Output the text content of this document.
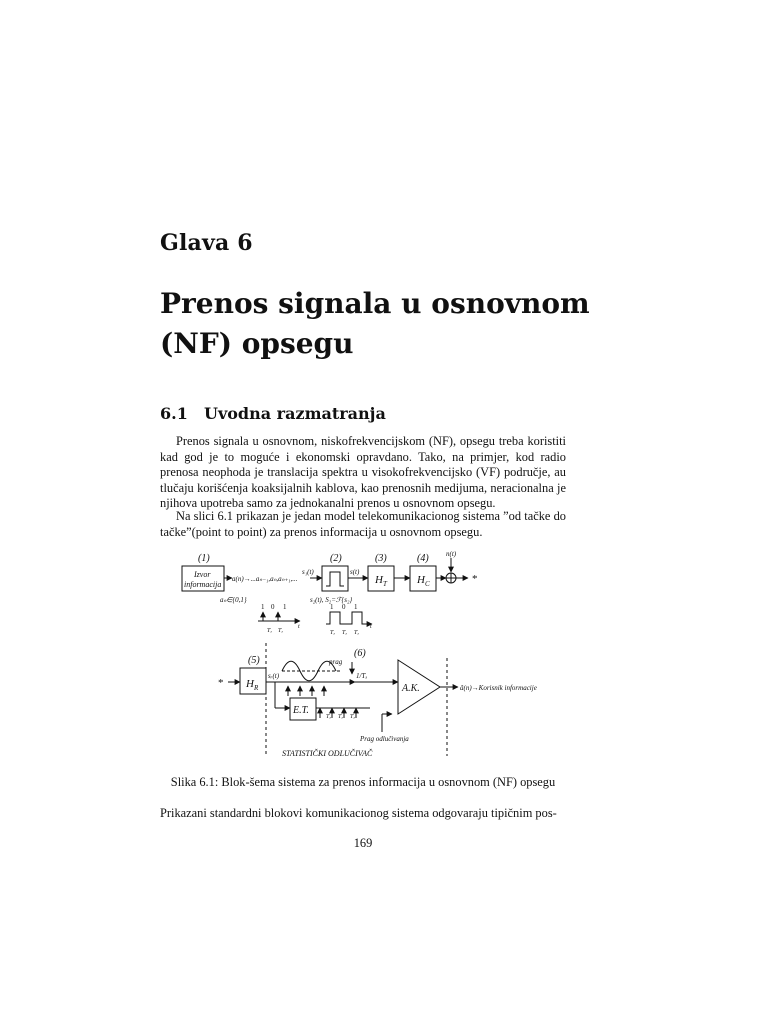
Glava 6
Prenos signala u osnovnom (NF) opsegu
6.1 Uvodna razmatranja
Prenos signala u osnovnom, niskofrekvencijskom (NF), opsegu treba koristiti kad god je to moguće i ekonomski opravdano. Tako, na primjer, kod radio prenosa neophoda je translacija spektra u visokofrekvencijsko (VF) područje, au tlučaju korišćenja koaksijalnih kablova, kao prenosnih medijuma, neracionalna je njihova upotreba samo za jednokanalni prenos u osnovnom opsegu.
Na slici 6.1 prikazan je jedan model telekomunikacionog sistema ”od tačke do tačke”(point to point) za prenos informacija u osnovnom opsegu.
(1)	(2)	(3)	(4)
(5)
(6)
Izvor
informacija
a(n)→...aₙ₋₁,aₙ,aₙ₊₁,...
aₙ∈{0,1}
s₁(t)	s(t)
s₂(t), S₂=ℱ{s₂}
$H_T$	$H_C$
$H_R$
n(t)
*
*
1 0 1
Tₔ Tₔ
t
1 0 1
Tₔ Tₔ Tₔ
t
sᵣ(t)
prag
1/Tₔ
E.T.
Tₔ Tₔ Tₔ
A.K.	â(n)→Korisnik informacije
Prag odlučivanja
STATISTIČKI ODLUČIVAČ
Slika 6.1: Blok-šema sistema za prenos informacija u osnovnom (NF) opsegu
Prikazani standardni blokovi komunikacionog sistema odgovaraju tipičnim pos-
169
